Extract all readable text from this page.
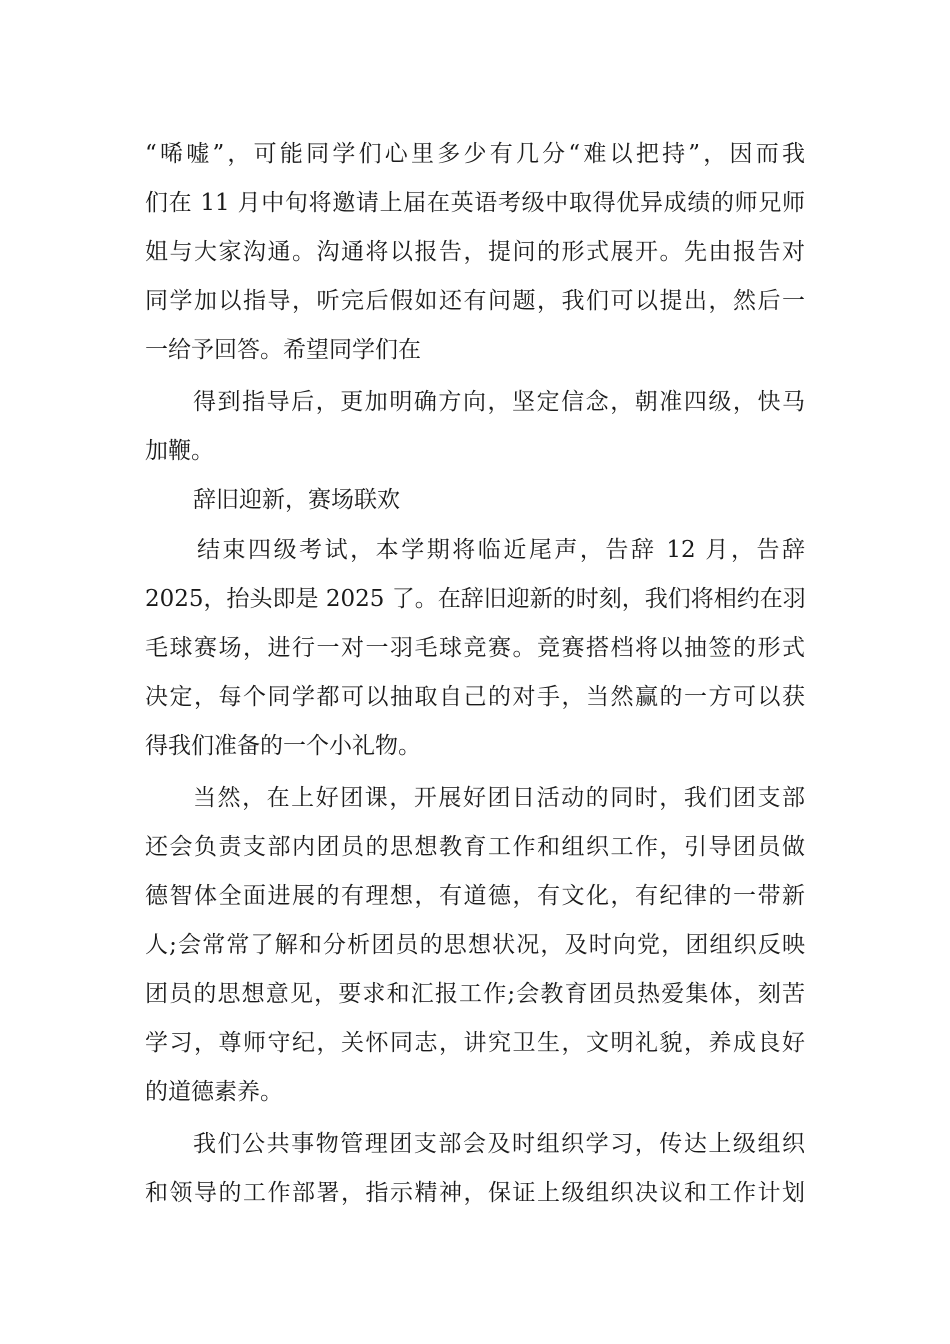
“唏嘘”，可能同学们心里多少有几分“难以把持”，因而我
们在 11 月中旬将邀请上届在英语考级中取得优异成绩的师兄师
姐与大家沟通。沟通将以报告，提问的形式展开。先由报告对
同学加以指导，听完后假如还有问题，我们可以提出，然后一
一给予回答。希望同学们在
得到指导后，更加明确方向，坚定信念，朝准四级，快马
加鞭。
辞旧迎新，赛场联欢
结束四级考试，本学期将临近尾声，告辞 12 月，告辞
2025，抬头即是 2025 了。在辞旧迎新的时刻，我们将相约在羽
毛球赛场，进行一对一羽毛球竞赛。竞赛搭档将以抽签的形式
决定，每个同学都可以抽取自己的对手，当然赢的一方可以获
得我们准备的一个小礼物。
当然，在上好团课，开展好团日活动的同时，我们团支部
还会负责支部内团员的思想教育工作和组织工作，引导团员做
德智体全面进展的有理想，有道德，有文化，有纪律的一带新
人;会常常了解和分析团员的思想状况，及时向党，团组织反映
团员的思想意见，要求和汇报工作;会教育团员热爱集体，刻苦
学习，尊师守纪，关怀同志，讲究卫生，文明礼貌，养成良好
的道德素养。
我们公共事物管理团支部会及时组织学习，传达上级组织
和领导的工作部署，指示精神，保证上级组织决议和工作计划
